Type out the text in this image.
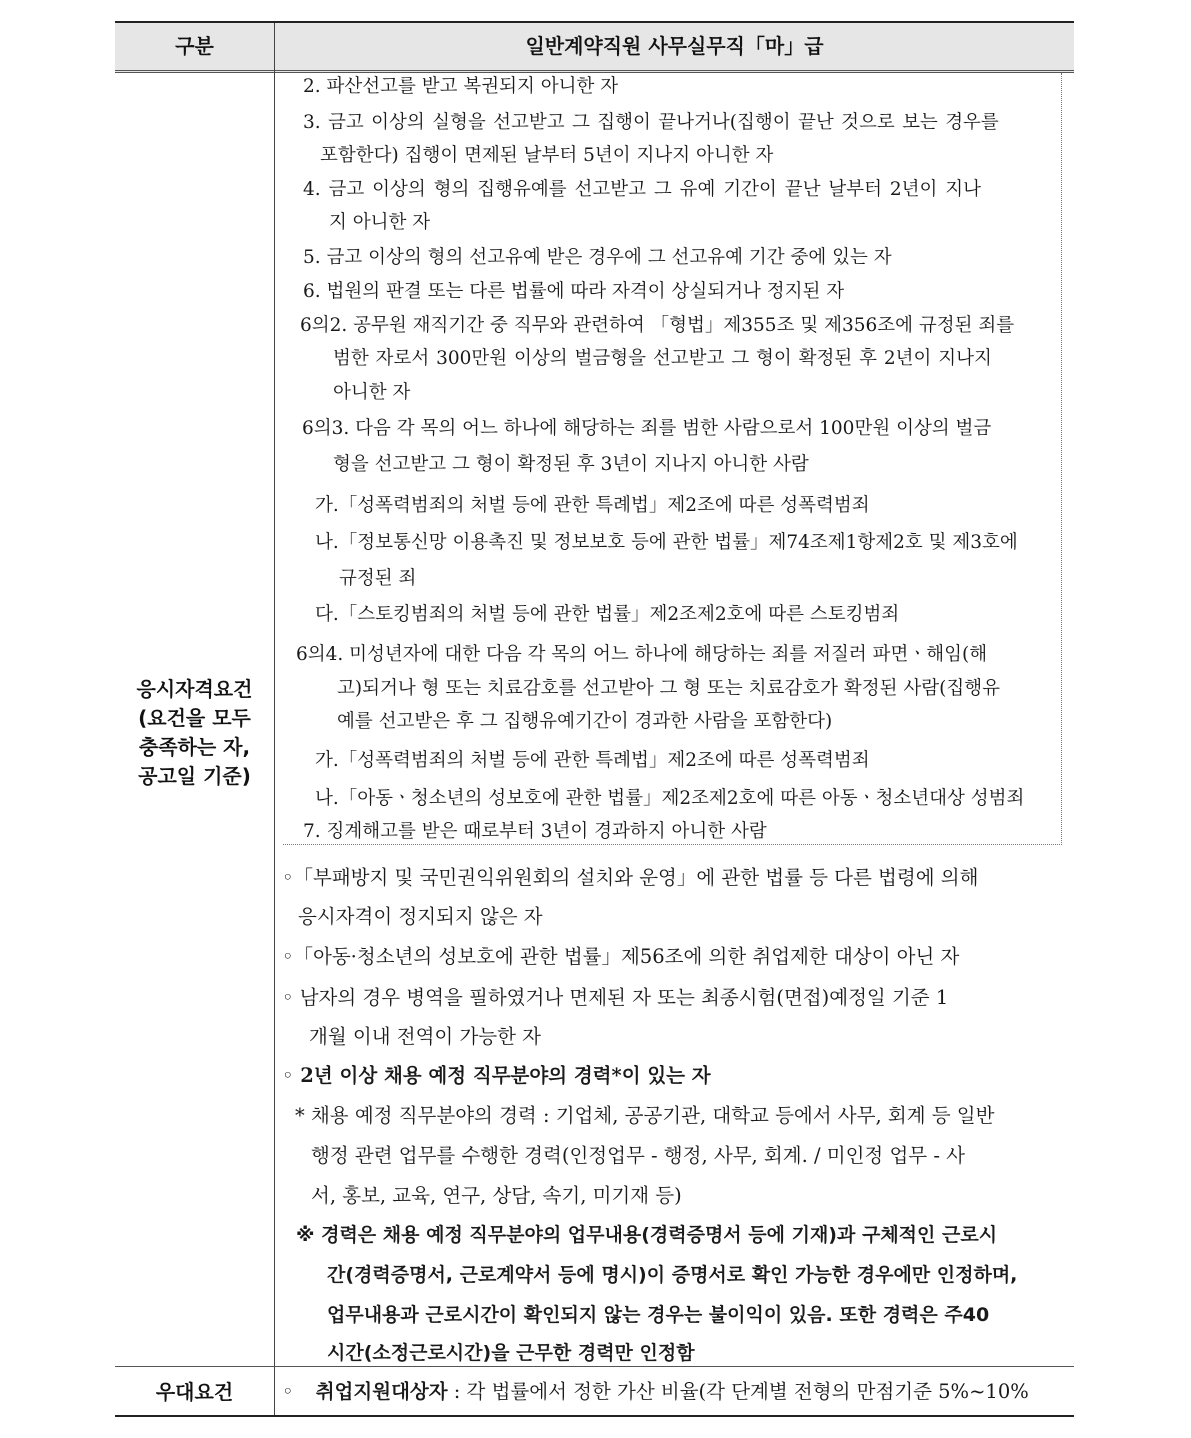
구분	일반계약직원 사무실무직「마」급
응시자격요건
(요건을 모두
충족하는 자,
공고일 기준)
2. 파산선고를 받고 복권되지 아니한 자
3. 금고 이상의 실형을 선고받고 그 집행이 끝나거나(집행이 끝난 것으로 보는 경우를
포함한다) 집행이 면제된 날부터 5년이 지나지 아니한 자
4. 금고 이상의 형의 집행유예를 선고받고 그 유예 기간이 끝난 날부터 2년이 지나
지 아니한 자
5. 금고 이상의 형의 선고유예 받은 경우에 그 선고유예 기간 중에 있는 자
6. 법원의 판결 또는 다른 법률에 따라 자격이 상실되거나 정지된 자
6의2. 공무원 재직기간 중 직무와 관련하여 「형법」제355조 및 제356조에 규정된 죄를
범한 자로서 300만원 이상의 벌금형을 선고받고 그 형이 확정된 후 2년이 지나지
아니한 자
6의3. 다음 각 목의 어느 하나에 해당하는 죄를 범한 사람으로서 100만원 이상의 벌금
형을 선고받고 그 형이 확정된 후 3년이 지나지 아니한 사람
가.「성폭력범죄의 처벌 등에 관한 특례법」제2조에 따른 성폭력범죄
나.「정보통신망 이용촉진 및 정보보호 등에 관한 법률」제74조제1항제2호 및 제3호에
규정된 죄
다.「스토킹범죄의 처벌 등에 관한 법률」제2조제2호에 따른 스토킹범죄
6의4. 미성년자에 대한 다음 각 목의 어느 하나에 해당하는 죄를 저질러 파면ㆍ해임(해
고)되거나 형 또는 치료감호를 선고받아 그 형 또는 치료감호가 확정된 사람(집행유
예를 선고받은 후 그 집행유예기간이 경과한 사람을 포함한다)
가.「성폭력범죄의 처벌 등에 관한 특례법」제2조에 따른 성폭력범죄
나.「아동ㆍ청소년의 성보호에 관한 법률」제2조제2호에 따른 아동ㆍ청소년대상 성범죄
7. 징계해고를 받은 때로부터 3년이 경과하지 아니한 사람
◦「부패방지 및 국민권익위원회의 설치와 운영」에 관한 법률 등 다른 법령에 의해
응시자격이 정지되지 않은 자
◦「아동·청소년의 성보호에 관한 법률」제56조에 의한 취업제한 대상이 아닌 자
◦ 남자의 경우 병역을 필하였거나 면제된 자 또는 최종시험(면접)예정일 기준 1
개월 이내 전역이 가능한 자
◦ 2년 이상 채용 예정 직무분야의 경력*이 있는 자
* 채용 예정 직무분야의 경력 : 기업체, 공공기관, 대학교 등에서 사무, 회계 등 일반
행정 관련 업무를 수행한 경력(인정업무 - 행정, 사무, 회계. / 미인정 업무 - 사
서, 홍보, 교육, 연구, 상담, 속기, 미기재 등)
※ 경력은 채용 예정 직무분야의 업무내용(경력증명서 등에 기재)과 구체적인 근로시
간(경력증명서, 근로계약서 등에 명시)이 증명서로 확인 가능한 경우에만 인정하며,
업무내용과 근로시간이 확인되지 않는 경우는 불이익이 있음. 또한 경력은 주40
시간(소정근로시간)을 근무한 경력만 인정함
우대요건	◦ 취업지원대상자 : 각 법률에서 정한 가산 비율(각 단계별 전형의 만점기준 5%~10%
